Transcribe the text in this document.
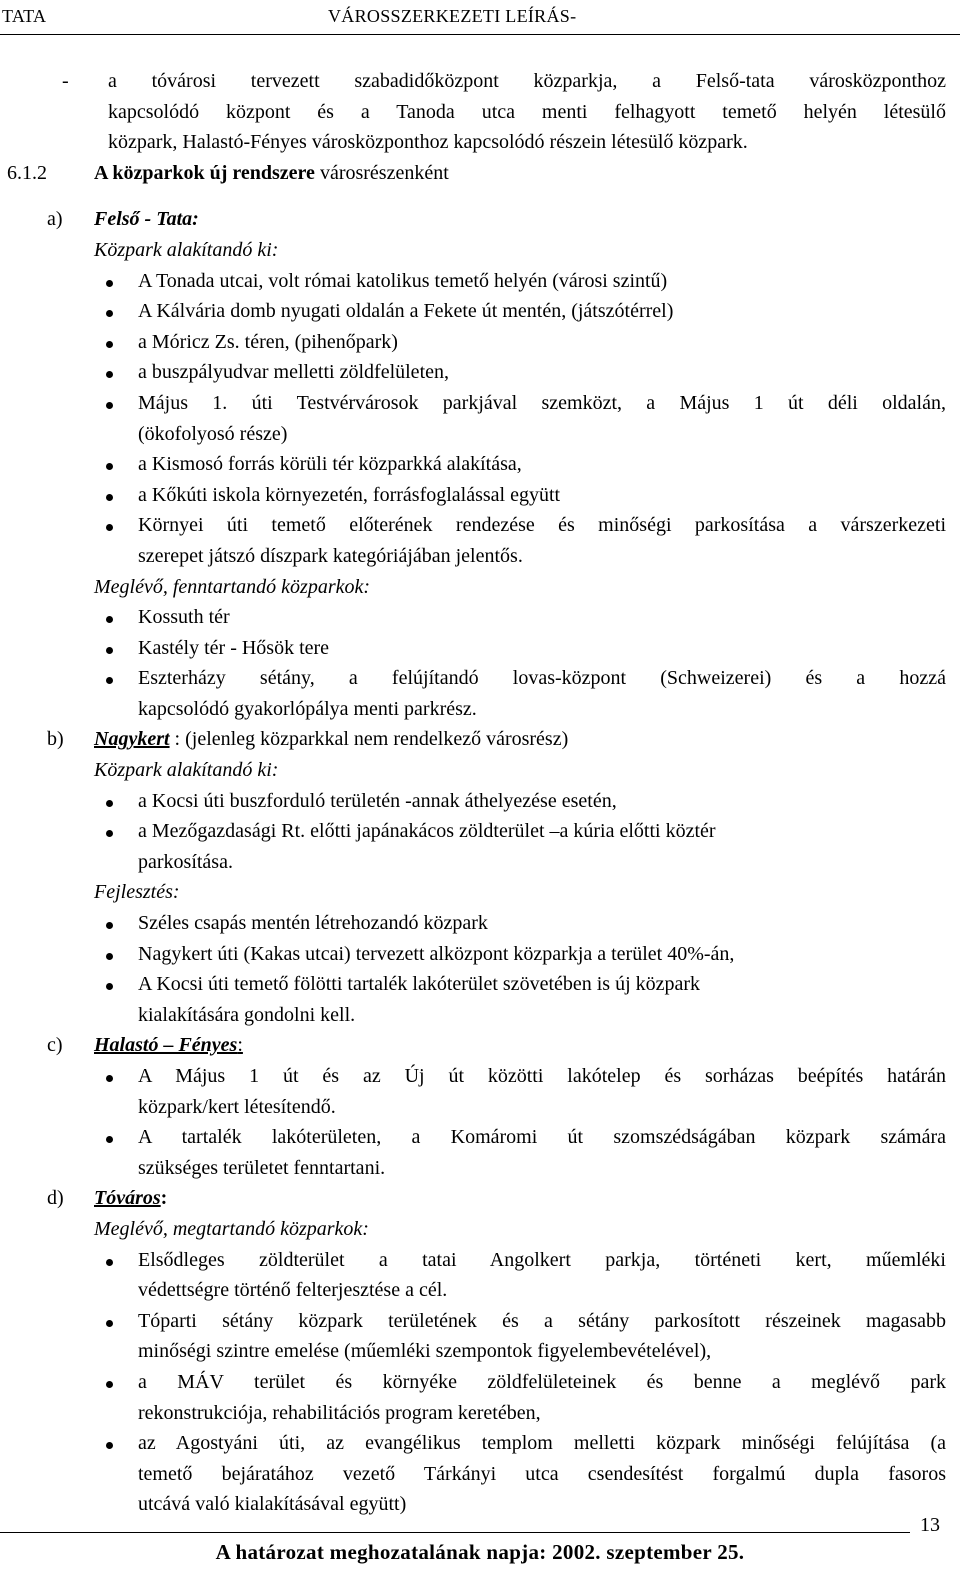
TATA	VÁROSSZERKEZETI LEÍRÁS-
- a tóvárosi tervezett szabadidőközpont közparkja, a Felső-tata városközponthoz
kapcsolódó központ és a Tanoda utca menti felhagyott temető helyén létesülő
közpark, Halastó-Fényes városközponthoz kapcsolódó részein létesülő közpark.
6.1.2 A közparkok új rendszere városrészenként
a) Felső - Tata:
Közpark alakítandó ki:
A Tonada utcai, volt római katolikus temető helyén (városi szintű)
A Kálvária domb nyugati oldalán a Fekete út mentén, (játszótérrel)
a Móricz Zs. téren, (pihenőpark)
a buszpályudvar melletti zöldfelületen,
Május 1. úti Testvérvárosok parkjával szemközt, a Május 1 út déli oldalán,
(ökofolyosó része)
a Kismosó forrás körüli tér közparkká alakítása,
a Kőkúti iskola környezetén, forrásfoglalással együtt
Környei úti temető előterének rendezése és minőségi parkosítása a várszerkezeti
szerepet játszó díszpark kategóriájában jelentős.
Meglévő, fenntartandó közparkok:
Kossuth tér
Kastély tér - Hősök tere
Eszterházy sétány, a felújítandó lovas-központ (Schweizerei) és a hozzá
kapcsolódó gyakorlópálya menti parkrész.
b) Nagykert : (jelenleg közparkkal nem rendelkező városrész)
Közpark alakítandó ki:
a Kocsi úti buszforduló területén -annak áthelyezése esetén,
a Mezőgazdasági Rt. előtti japánakácos zöldterület –a kúria előtti köztér
parkosítása.
Fejlesztés:
Széles csapás mentén létrehozandó közpark
Nagykert úti (Kakas utcai) tervezett alközpont közparkja a terület 40%-án,
A Kocsi úti temető fölötti tartalék lakóterület szövetében is új közpark
kialakítására gondolni kell.
c) Halastó – Fényes:
A Május 1 út és az Új út közötti lakótelep és sorházas beépítés határán
közpark/kert létesítendő.
A tartalék lakóterületen, a Komáromi út szomszédságában közpark számára
szükséges területet fenntartani.
d) Tóváros:
Meglévő, megtartandó közparkok:
Elsődleges zöldterület a tatai Angolkert parkja, történeti kert, műemléki
védettségre történő felterjesztése a cél.
Tóparti sétány közpark területének és a sétány parkosított részeinek magasabb
minőségi szintre emelése (műemléki szempontok figyelembevételével),
a MÁV terület és környéke zöldfelületeinek és benne a meglévő park
rekonstrukciója, rehabilitációs program keretében,
az Agostyáni úti, az evangélikus templom melletti közpark minőségi felújítása (a
temető bejáratához vezető Tárkányi utca csendesítést forgalmú dupla fasoros
utcává való kialakításával együtt)
13
A határozat meghozatalának napja: 2002. szeptember 25.
